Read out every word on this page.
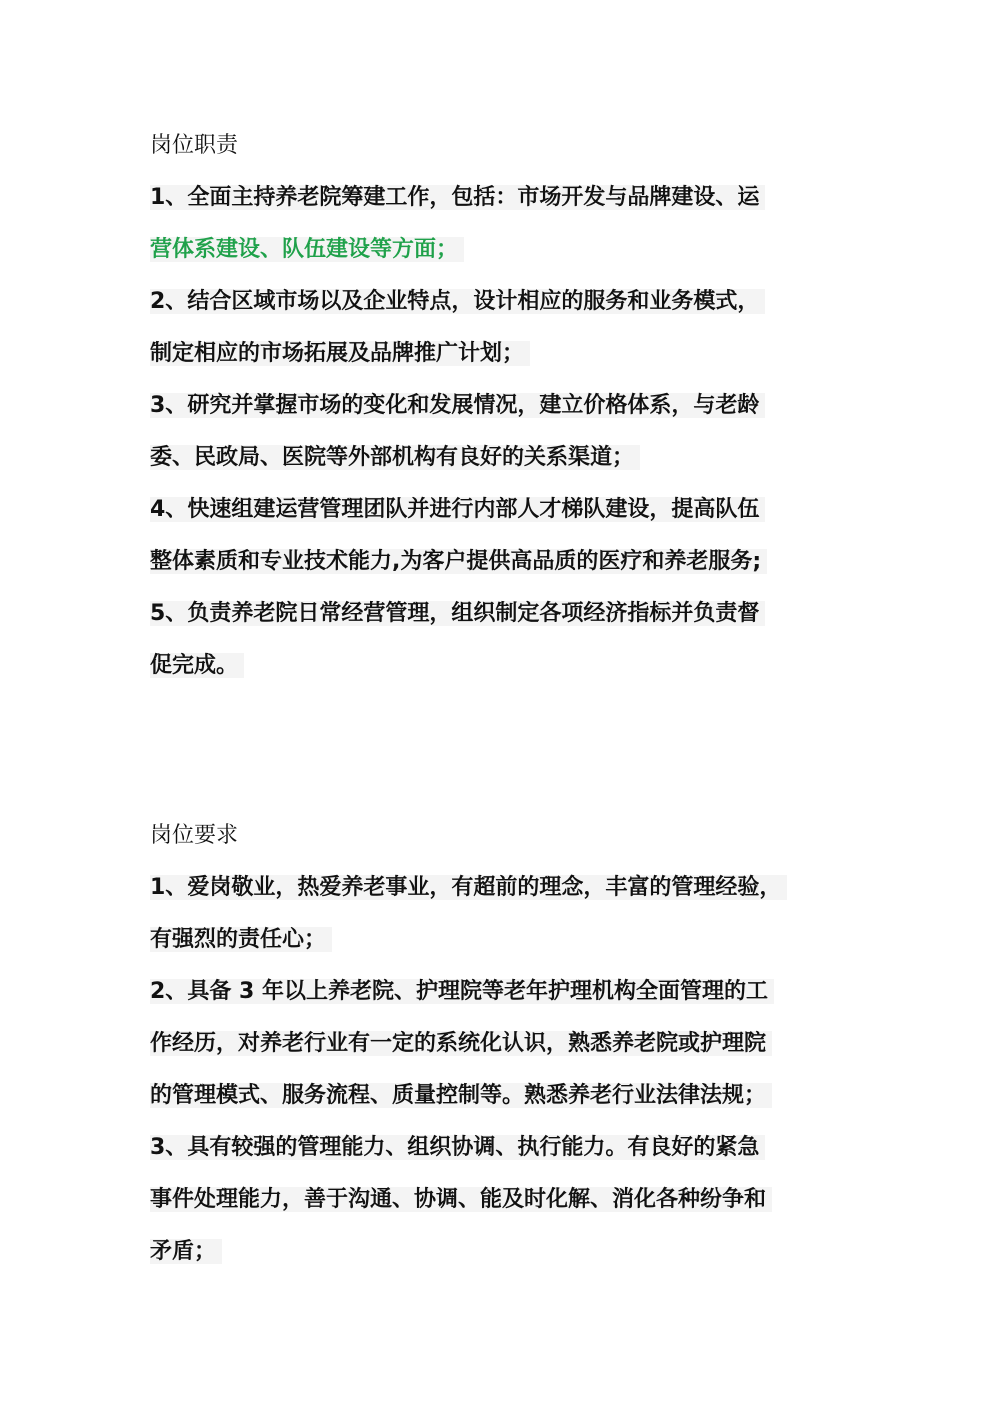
岗位职责
1、全面主持养老院筹建工作，包括：市场开发与品牌建设、运
营体系建设、队伍建设等方面；
2、结合区域市场以及企业特点，设计相应的服务和业务模式，
制定相应的市场拓展及品牌推广计划；
3、研究并掌握市场的变化和发展情况，建立价格体系，与老龄
委、民政局、医院等外部机构有良好的关系渠道；
4、快速组建运营管理团队并进行内部人才梯队建设，提高队伍
整体素质和专业技术能力,为客户提供高品质的医疗和养老服务;
5、负责养老院日常经营管理，组织制定各项经济指标并负责督
促完成。
岗位要求
1、爱岗敬业，热爱养老事业，有超前的理念，丰富的管理经验，
有强烈的责任心；
2、具备 3 年以上养老院、护理院等老年护理机构全面管理的工
作经历，对养老行业有一定的系统化认识，熟悉养老院或护理院
的管理模式、服务流程、质量控制等。熟悉养老行业法律法规；
3、具有较强的管理能力、组织协调、执行能力。有良好的紧急
事件处理能力，善于沟通、协调、能及时化解、消化各种纷争和
矛盾；
